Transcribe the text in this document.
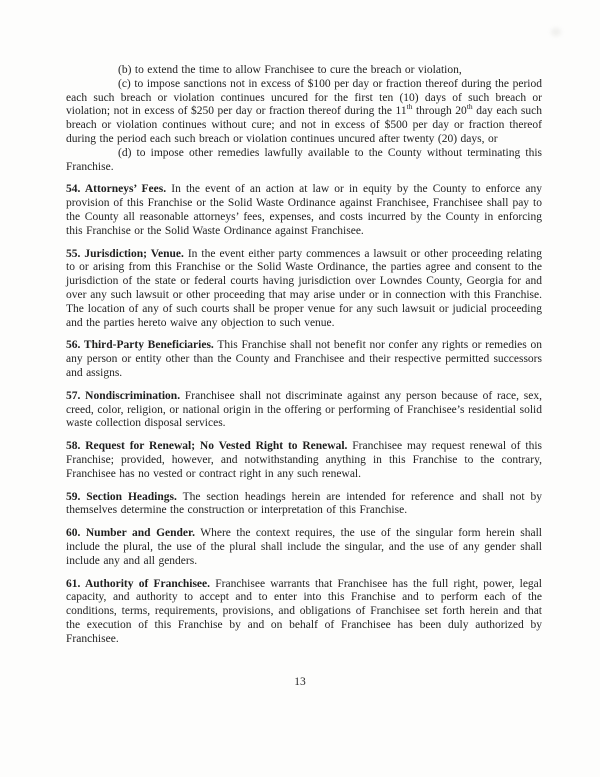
(b) to extend the time to allow Franchisee to cure the breach or violation,

(c) to impose sanctions not in excess of $100 per day or fraction thereof during the period each such breach or violation continues uncured for the first ten (10) days of such breach or violation; not in excess of $250 per day or fraction thereof during the 11th through 20th day each such breach or violation continues without cure; and not in excess of $500 per day or fraction thereof during the period each such breach or violation continues uncured after twenty (20) days, or

(d) to impose other remedies lawfully available to the County without terminating this Franchise.

54. Attorneys’ Fees. In the event of an action at law or in equity by the County to enforce any provision of this Franchise or the Solid Waste Ordinance against Franchisee, Franchisee shall pay to the County all reasonable attorneys’ fees, expenses, and costs incurred by the County in enforcing this Franchise or the Solid Waste Ordinance against Franchisee.

55. Jurisdiction; Venue. In the event either party commences a lawsuit or other proceeding relating to or arising from this Franchise or the Solid Waste Ordinance, the parties agree and consent to the jurisdiction of the state or federal courts having jurisdiction over Lowndes County, Georgia for and over any such lawsuit or other proceeding that may arise under or in connection with this Franchise. The location of any of such courts shall be proper venue for any such lawsuit or judicial proceeding and the parties hereto waive any objection to such venue.

56. Third-Party Beneficiaries. This Franchise shall not benefit nor confer any rights or remedies on any person or entity other than the County and Franchisee and their respective permitted successors and assigns.

57. Nondiscrimination. Franchisee shall not discriminate against any person because of race, sex, creed, color, religion, or national origin in the offering or performing of Franchisee’s residential solid waste collection disposal services.

58. Request for Renewal; No Vested Right to Renewal. Franchisee may request renewal of this Franchise; provided, however, and notwithstanding anything in this Franchise to the contrary, Franchisee has no vested or contract right in any such renewal.

59. Section Headings. The section headings herein are intended for reference and shall not by themselves determine the construction or interpretation of this Franchise.

60. Number and Gender. Where the context requires, the use of the singular form herein shall include the plural, the use of the plural shall include the singular, and the use of any gender shall include any and all genders.

61. Authority of Franchisee. Franchisee warrants that Franchisee has the full right, power, legal capacity, and authority to accept and to enter into this Franchise and to perform each of the conditions, terms, requirements, provisions, and obligations of Franchisee set forth herein and that the execution of this Franchise by and on behalf of Franchisee has been duly authorized by Franchisee.

13
